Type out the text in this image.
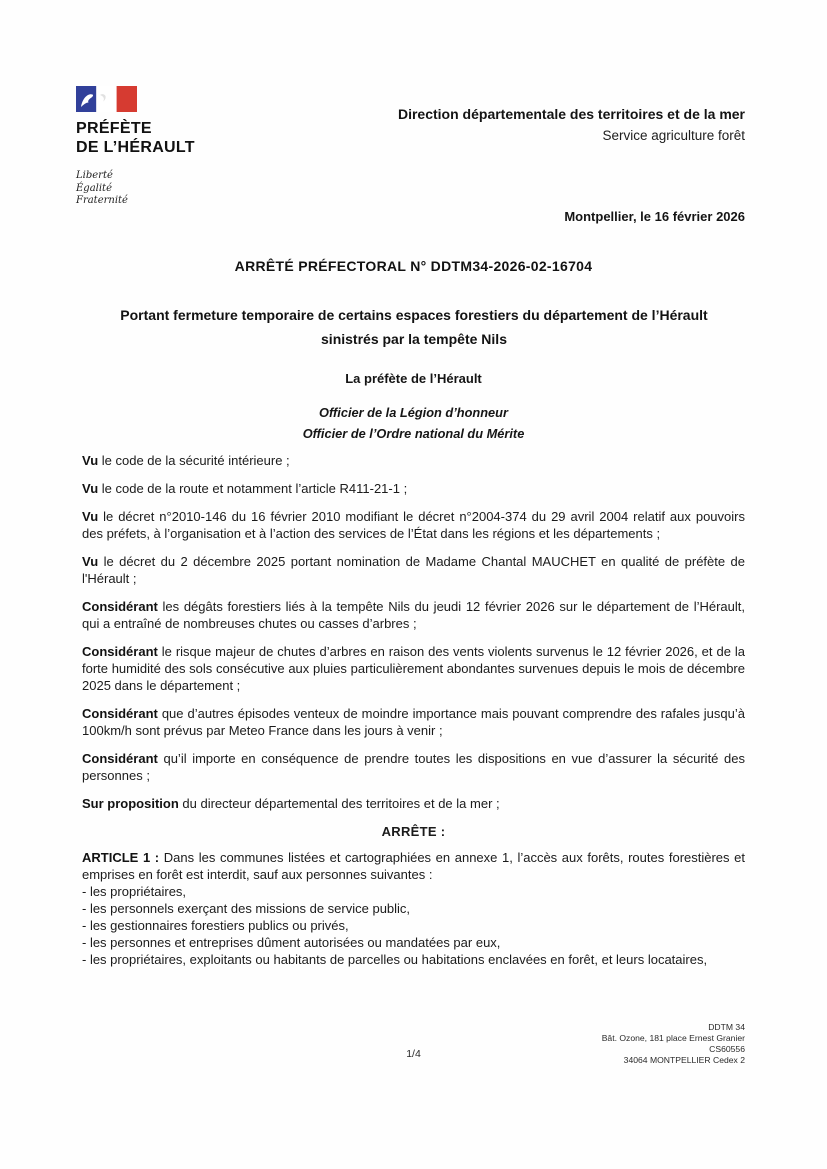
PRÉFÈTE
DE L’HÉRAULT
Liberté
Égalité
Fraternité
Direction départementale des territoires et de la mer
Service agriculture forêt
Montpellier, le 16 février 2026
ARRÊTÉ PRÉFECTORAL N° DDTM34-2026-02-16704
Portant fermeture temporaire de certains espaces forestiers du département de l’Hérault sinistrés par la tempête Nils
La préfète de l’Hérault
Officier de la Légion d’honneur
Officier de l’Ordre national du Mérite

Vu le code de la sécurité intérieure ;

Vu le code de la route et notamment l’article R411-21-1 ;

Vu le décret n°2010-146 du 16 février 2010 modifiant le décret n°2004-374 du 29 avril 2004 relatif aux pouvoirs des préfets, à l’organisation et à l’action des services de l’État dans les régions et les départements ;

Vu le décret du 2 décembre 2025 portant nomination de Madame Chantal MAUCHET en qualité de préfète de l'Hérault ;

Considérant les dégâts forestiers liés à la tempête Nils du jeudi 12 février 2026 sur le département de l’Hérault, qui a entraîné de nombreuses chutes ou casses d’arbres ;

Considérant le risque majeur de chutes d’arbres en raison des vents violents survenus le 12 février 2026, et de la forte humidité des sols consécutive aux pluies particulièrement abondantes survenues depuis le mois de décembre 2025 dans le département ;

Considérant que d’autres épisodes venteux de moindre importance mais pouvant comprendre des rafales jusqu’à 100km/h sont prévus par Meteo France dans les jours à venir ;

Considérant qu’il importe en conséquence de prendre toutes les dispositions en vue d’assurer la sécurité des personnes ;

Sur proposition du directeur départemental des territoires et de la mer ;

ARRÊTE :

ARTICLE 1 : Dans les communes listées et cartographiées en annexe 1, l’accès aux forêts, routes forestières et emprises en forêt est interdit, sauf aux personnes suivantes :

- les propriétaires,
- les personnels exerçant des missions de service public,
- les gestionnaires forestiers publics ou privés,
- les personnes et entreprises dûment autorisées ou mandatées par eux,
- les propriétaires, exploitants ou habitants de parcelles ou habitations enclavées en forêt, et leurs locataires,
1/4
DDTM 34
Bât. Ozone, 181 place Ernest Granier
CS60556
34064 MONTPELLIER Cedex 2
